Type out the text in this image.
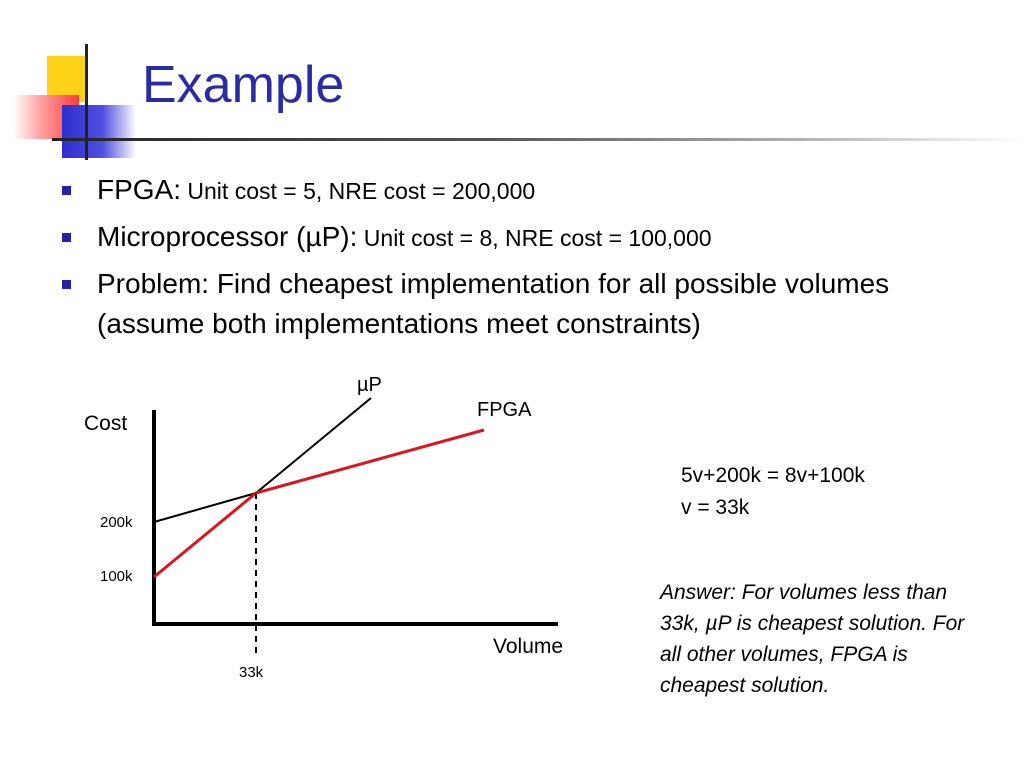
Example
FPGA: Unit cost = 5, NRE cost = 200,000
Microprocessor (µP): Unit cost = 8, NRE cost = 100,000
Problem: Find cheapest implementation for all possible volumes (assume both implementations meet constraints)
Cost
Volume
200k
100k
33k
µP
FPGA
5v+200k = 8v+100k
v = 33k
Answer: For volumes less than 33k, µP is cheapest solution. For all other volumes, FPGA is cheapest solution.
